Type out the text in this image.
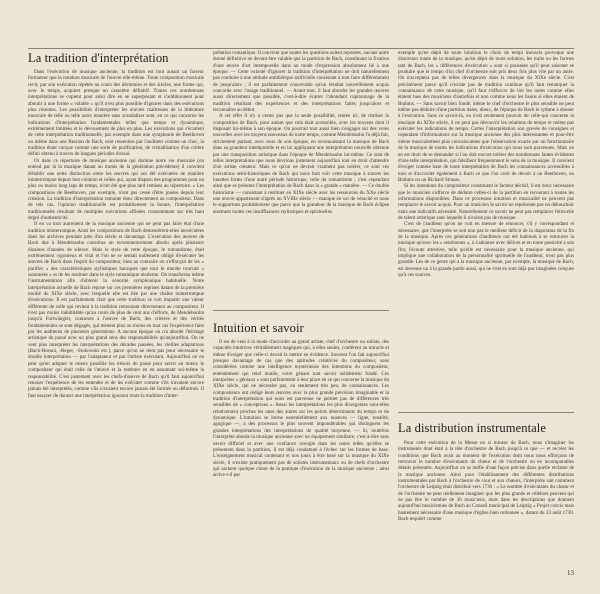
La tradition d'interprétation

Dans l'exécution de musique ancienne, la tradition est tout autant un facteur formateur que la notation musicale de l'œuvre elle-même. Toute composition musicale revit, par son exécution répétée au cours des décennies et des siècles, une forme qui, avec le temps, acquiert presque un caractère définitif. Toutes ces nombreuses interprétations se copient pour ainsi dire en se superposant et s'additionnent pour aboutir à une forme « valable » qu'il n'est plus possible d'ignorer dans des exécutions plus récentes. Les possibilités d'interpréter les œuvres maîtresses de la littérature musicale de telle ou telle autre manière sans scandaliser sont, en ce qui concerne les indications d'interprétation fondamentales telles que tempo et dynamique, extrêmement limitées et le dévouement de plus en plus. Les exécutions qui s'écartent de cette interprétation traditionnelle, par exemple dans une symphonie de Beethoven ou même dans une Passion de Bach, sont ressenties par l'auditeur comme un choc, la tradition étant conçue comme une sorte de purification, de cristallisation d'un critère défini obtenu à travers de longues périodes d'essai.

Or dans ce répertoire de musique ancienne qui domine notre vie musicale (on entend par là la musique datant au moins de la génération précédente) il convient d'établir une nette distinction entre les œuvres qui ont été exécutées de manière ininterrompue depuis leur création et celles qui, ayant disparu des programmes pour un plus ou moins long laps de temps, n'ont été que plus tard remises au répertoire. » Les compositions de Beethoven, par exemple, n'ont pas cessé d'être jouées depuis leur création. La tradition d'interprétation remonte donc directement au compositeur. Dans de tels cas, l'opinion traditionnelle est probablement la bonne, l'interprétation traditionnelle résultant de multiples exécutions affinées constamment sur très haut degré d'authenticité.

Il en va tout autrement de la musique ancienne qui ne peut pas faire état d'une tradition ininterrompue. Ainsi les compositions de Bach demeurèrent-elles inexécutées dans les archives pendant près d'un siècle et davantage. L'exécution des œuvres de Bach due à Mendelssohn constitua un recommencement absolu après plusieurs dizaines d'années de silence. Mais le style de cette époque, le romantisme, était extrêmement vigoureux et vital et l'on ne se sentait nullement obligé d'exécuter les œuvres de Bach dans l'esprit du compositeur, bien au contraire on s'efforçait de les « purifier » des caractéristiques stylistiques baroques que tout le monde trouvait « surannées » et de les restituer dans le style romantique moderne. On transforma même l'instrumentation afin d'obtenir la sonorité symphonique habituelle. Notre interprétation actuelle de Bach repose sur ces premières reprises datant de la première moitié du XIXe siècle, avec lesquelle elle est liée par une chaîne ininterrompue d'exécutions. Il est parfaitement clair que cette tradition se voit impartir une valeur différente de celle qui revient à la tradition remontant directement au compositeur. Il n'est pas moins indubitable qu'au cours de plus de cent ans d'efforts, de Mendelssohn jusqu'à Furtwängler, connexes à l'œuvre de Bach, des critères et des vérités fondamentales se sont dégagés, qui mènent plus ou moins en tout cas l'expérience faite par les auditeurs de plusieurs générations. A aucune époque on n'a abordé l'héritage artistique du passé avec un plus grand sens des responsabilités qu'aujourd'hui. On ne veut plus interpréter les interprétations des décades passées, les vieilles adaptations (Bach-Busoni, -Reger, -Stokowski etc.), parce qu'on ne tient pas pour nécessaire le double interprétation — par l'adaptateur et par l'artiste exécutant. Aujourd'hui on en peut qu'en adopter le mieux possible les trésors du passé pour servir au mieux le compositeur qui était celle de l'œuvre et la restituer en en assumant soi-même la responsabilité. C'est justement avec les chefs-d'œuvre de Bach qu'il faut aujourd'hui renouer l'expérience de les entendre et de les exécuter comme s'ils n'avaient encore jamais été interprétés, comme s'ils n'avaient encore jamais été formés ou déformés. Il faut essayer de donner une interprétation ignorant toute la tradition d'inter-

prétation romantique. Il convient que toutes les questions soient reposées, aucune autre donné définitive ne devant être valable que la partition de Bach, constituant la fixation d'une œuvre d'art intemporelle dans un mode d'expression absolument lié à une époque. — Cette volonté d'ignorer la tradition d'interprétation ne doit naturellement pas conduire à une attitude antithétique artificielle consistant à tout faire différemment de jusqu'alors ; il est parfaitement concevable qu'un résultat nouvellement acquis concorde avec l'usage traditionnel. — Avant tout, il faut aborder les grandes œuvres aussi directement que possible, c'est-à-dire écarter l'abondant capitonnage de la tradition résultant des expériences et des interprétations faites jusqu'alors et reconnaître au début.

A cet effet il n'y a certes pas que la seule possibilité, tentée ici, de réaliser la composition de Bach, pour autant que cela était accessible, avec les moyens dont il disposait lui-même à son époque. On pourrait tout aussi bien s'engager sur des voies nouvelles avec les moyens nouveaux de notre temps, comme Mendelssohn l'a déjà fait, strictement parlant, avec ceux de son époque, en reconnaissant la musique de Bach dans sa grandeur intemporelle et en lui appliquant une interprétation nouvelle obtenue par une transposition artistique dans l'époque de Mendelssohn lui-même. Ce sont de telles interprétations que nous devrions justement aujourd'hui tout en droit d'attendre d'un artiste créateur. Mais ce qu'on ne devrait vraiment pas tolérer, ce sont ces exécutions semi-historiques de Bach qui nous font voir cette musique à travers les lunettes fortes d'une autre période historique, celle du romantisme ; c'est cependant ainsi que se présente l'interprétation de Bach dans la « grande » manière. — Ce double historisme — consistant à restituer en XIXe siècle avec les ressources du XXe siècle une œuvre appartenant d'après au XVIIIe siècle — manque en soi de véracité et nous le supportons probablement que parce que la grandeur de la musique de Bach éclipse aisément toutes ces insuffisances stylistiques et spirituelles.

Intuition et savoir

Il est de veut à la mode d'accorder au grand artiste, chef d'orchestre ou soliste, des capacités intuitives véritablement magiques qui, à elles seules, conférent au miracle et même d'exiger que celle-ci devait la mettre en évidence. Souvent l'on fait aujourd'hui presque davantage de cas que des aptitudes créatrices du compositeur, sous considérées comme une intelligence mystérieuse des intentions du compositeur, entendement qui rend inutile, voire gênant tout savoir solidement fondé. Ces interprètes « géniaux » sont parfaitement à leur place en ce qui concerne la musique du XIXe siècle, qui ne nécessite pas, ou seulement très peu, de connaissances. Les compositeurs ont rédigé leurs œuvres avec la plus grande précision imaginable et la tradition d'interprétation qui nous est parvenue ne permet pas de différences très sensibles de « conceptions ». Aussi les interprétations les plus divergentes sont-elles relativement proches les unes des autres sur les points déterminants du tempo et du dynamique. L'intuition se borne essentiellement aux nuances — ligne, tonalité, agogique —, à des processus le plus souvent impondérables qui distinguent les grandes interprétations des interprétations de qualité moyenne. — Si, toutefois l'interprète aborde la musique ancienne avec un équipement similaire, c'est-à-dire sans savoir difficiel et avec une confiance aveugle dans les notes telles qu'elles se présentent dans la partition, il est déjà condamné à l'échec sur les formes de base. L'enseignement musical contenant et nos jours à être basé sur la musique du XIXe siècle, il n'existe pratiquement pas de solistes instrumentaux ou de chefs d'orchestre qui sachent quelque chose de la pratique d'exécution de la musique ancienne ; ainsi arrive-t-il par

exemple qu'en dépit de toute intuition le choix de tempi inexacts provoque une distorsion totale de la musique, qu'en dépit de toute solution, les traits ou les formes tant de Bach, les « différences d'exécution » sont si poussées qu'il peut saisonet se produire que le tempo d'un chef d'orchestre soit pris deux fois plus vite par un autre. On n'acceptera pas de telles divergences dans la musique du XIXe siècle. C'est précisément parce qu'il n'existe pas de tradition continue qu'il faut remarquer la connaissance de cette musique, qu'il faut s'efforcer de lire les notes comme elles étaient lues des musiciens d'autrefois et non comme nous les lisons si elles étaient de Brahms. — Sans savoir bien fondé, même le chef d'orchestre le plus sensible ne peut même pas déduire d'une partition dates, dieux, de l'époque de Bach le rythme à donner à l'exécution. Sans ce savoir-là, on n'est seulement pouvoir de celle-qui concerne la musique du XIXe siècle, il ne peut pas découvrir les relations de tempo et même pas exécuter les indications de tempo. Certes l'interprétation son grevée de consignes et cependant d'informations sur la musique ancienne des plus intéressantes et pour-être même musicalement plus convaincantes que l'observation exacte par un fonctionnaire de la musique de toutes les indications d'exécution qui nous sont parvenues. Mais on en est droit de se demander si l'on doit encore tolérer des nombreuses fautes évidentes d'une telle interprétation, qui falsifient fréquemment le sens de la musique. Il convient d'exiger comme base de toute interprétation de Bach les connaissances accessibles à tous et d'accorder également à Bach ce que l'on croit de devoir à un Beethoven, un Brahms ou un Richard Strauss.

Si les intentions du compositeur constituent le facteur décisif, il est donc nécessaire que le musicien s'efforce de déduire celles-ci de la partition en recourant à toutes les informations disponibles. Dans ce processus intuition et musicalité ne peuvent pas remplacer le savoir acquis. Pour un musicien le savoir ne représente pas un débouchoir mais une indicatifs nécessité. Naturellement ce savoir ne peut pas remplacer l'étincelle de talent artistique sans laquelle il n'existe pas de musique.

C'est de l'auditeur qu'on ne voit en mesure de renoncer, s'il y correspondant et nécessaire, que l'interprète se soit non pas le meilleur déficit de la diaporama de la fin de la musique. Après ces générations d'auditeurs ont été habitués à se retrouver la musique qu'avec les « sentiments », à s'adonner avec délices et en toute passivité à son flot, l'écoute attentive, telle qu'elle est nécessaire pour la musique ancienne, qui implique une collaboration de la personnalité spirituelle de l'auditeur, n'est pas plus grandie. Les de ce genre qui a la musique ancienne, par exemple, la musique de Bach, est devenue un à la grande partie aussi, qui ne s'est en sont déjà pas imaginées conçues qu'à ces sources.

La distribution instrumentale

Pour cette exécution de la Messe en si mineur de Bach, nous s'imaginer les instruments dont était à la tête d'orchestre de Bach jusqu'à ce que — et recréer les conditions que Bach avait au moment de l'exécution dont nous nous efforçons de retrouver le nombre d'exécutants du chœur et de l'orchestre ou en incomparables détails présentés. Aujourd'hui on se méfie d'une façon précise dans quelle réclame de la musique ancienne. Ainsi pour l'établissement des différentes distributions instrumentales par Bach à l'orchestre de cour et aux chœurs, l'interprète sait comment l'orchestre de Leipzig était distribué vers 1730 : « Le nombre d'exécutants du chœur et de l'orchestre ne peut réellement imaginer que les plus grands et célèbres peuvent qui ne pas être le nombre de 36 musiciens, mais dans les descriptions que donnent aujourd'hui musiciennes de Bach au Conseil municipal de Leipzig » Projet concis mais hautement nécessaire d'une musique d'église bien ordonnée », datant du 23 août 1730. Bach requiert comme

13
